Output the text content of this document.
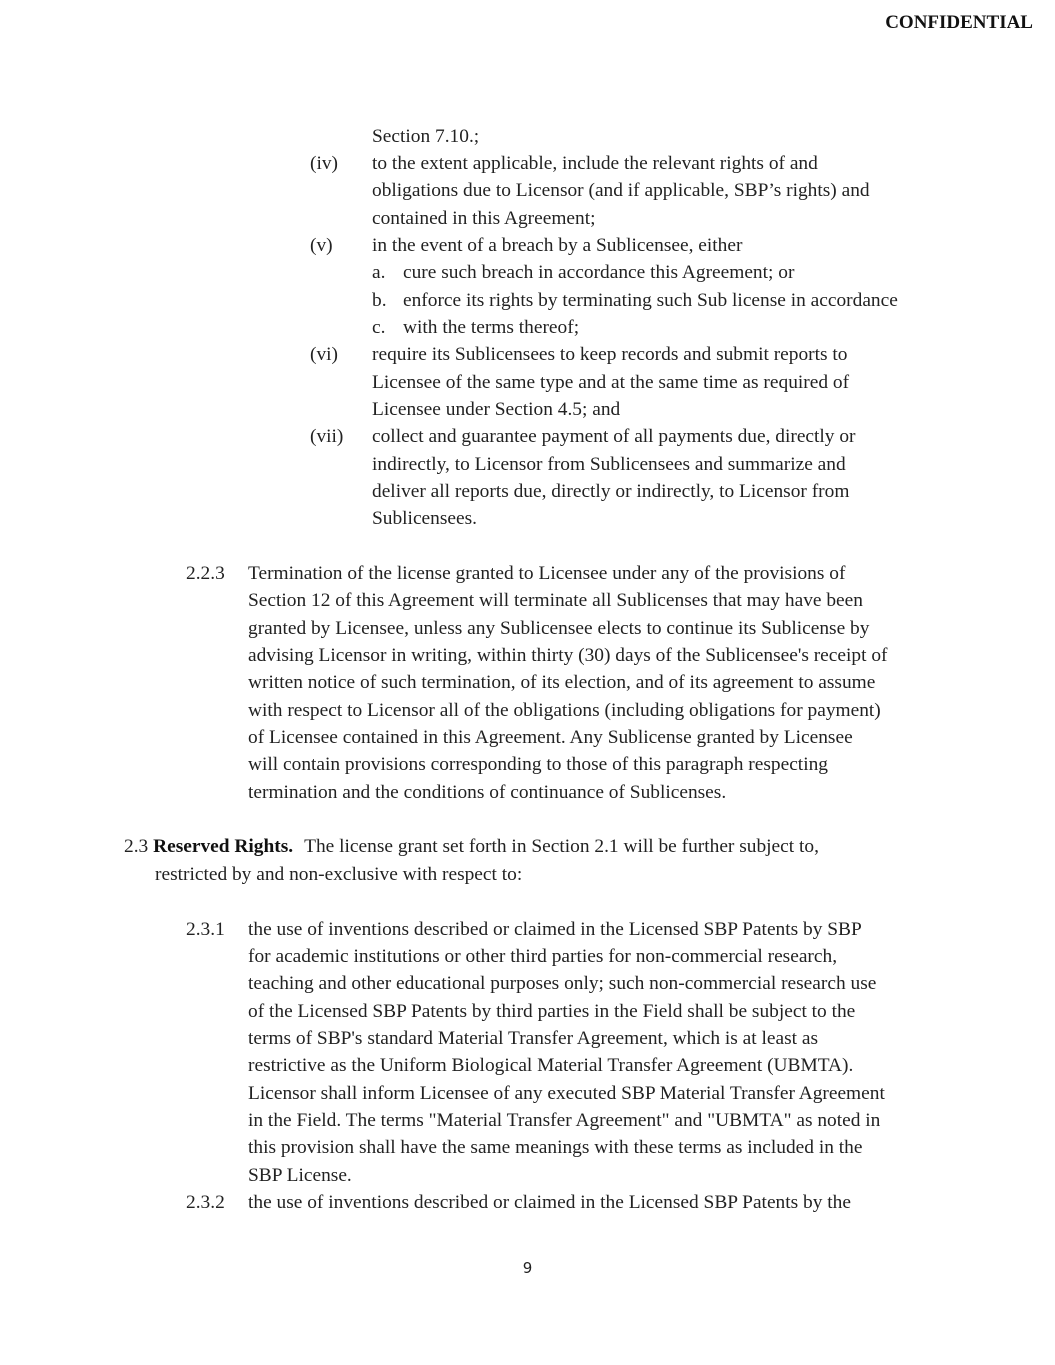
CONFIDENTIAL
Section 7.10.;
(iv) to the extent applicable, include the relevant rights of and
obligations due to Licensor (and if applicable, SBP’s rights) and
contained in this Agreement;
(v) in the event of a breach by a Sublicensee, either
a. cure such breach in accordance this Agreement; or
b. enforce its rights by terminating such Sub license in accordance
c. with the terms thereof;
(vi) require its Sublicensees to keep records and submit reports to
Licensee of the same type and at the same time as required of
Licensee under Section 4.5; and
(vii) collect and guarantee payment of all payments due, directly or
indirectly, to Licensor from Sublicensees and summarize and
deliver all reports due, directly or indirectly, to Licensor from
Sublicensees.
2.2.3 Termination of the license granted to Licensee under any of the provisions of
Section 12 of this Agreement will terminate all Sublicenses that may have been
granted by Licensee, unless any Sublicensee elects to continue its Sublicense by
advising Licensor in writing, within thirty (30) days of the Sublicensee's receipt of
written notice of such termination, of its election, and of its agreement to assume
with respect to Licensor all of the obligations (including obligations for payment)
of Licensee contained in this Agreement. Any Sublicense granted by Licensee
will contain provisions corresponding to those of this paragraph respecting
termination and the conditions of continuance of Sublicenses.
2.3 Reserved Rights. The license grant set forth in Section 2.1 will be further subject to,
restricted by and non-exclusive with respect to:
2.3.1 the use of inventions described or claimed in the Licensed SBP Patents by SBP
for academic institutions or other third parties for non-commercial research,
teaching and other educational purposes only; such non-commercial research use
of the Licensed SBP Patents by third parties in the Field shall be subject to the
terms of SBP's standard Material Transfer Agreement, which is at least as
restrictive as the Uniform Biological Material Transfer Agreement (UBMTA).
Licensor shall inform Licensee of any executed SBP Material Transfer Agreement
in the Field. The terms "Material Transfer Agreement" and "UBMTA" as noted in
this provision shall have the same meanings with these terms as included in the
SBP License.
2.3.2 the use of inventions described or claimed in the Licensed SBP Patents by the
9
